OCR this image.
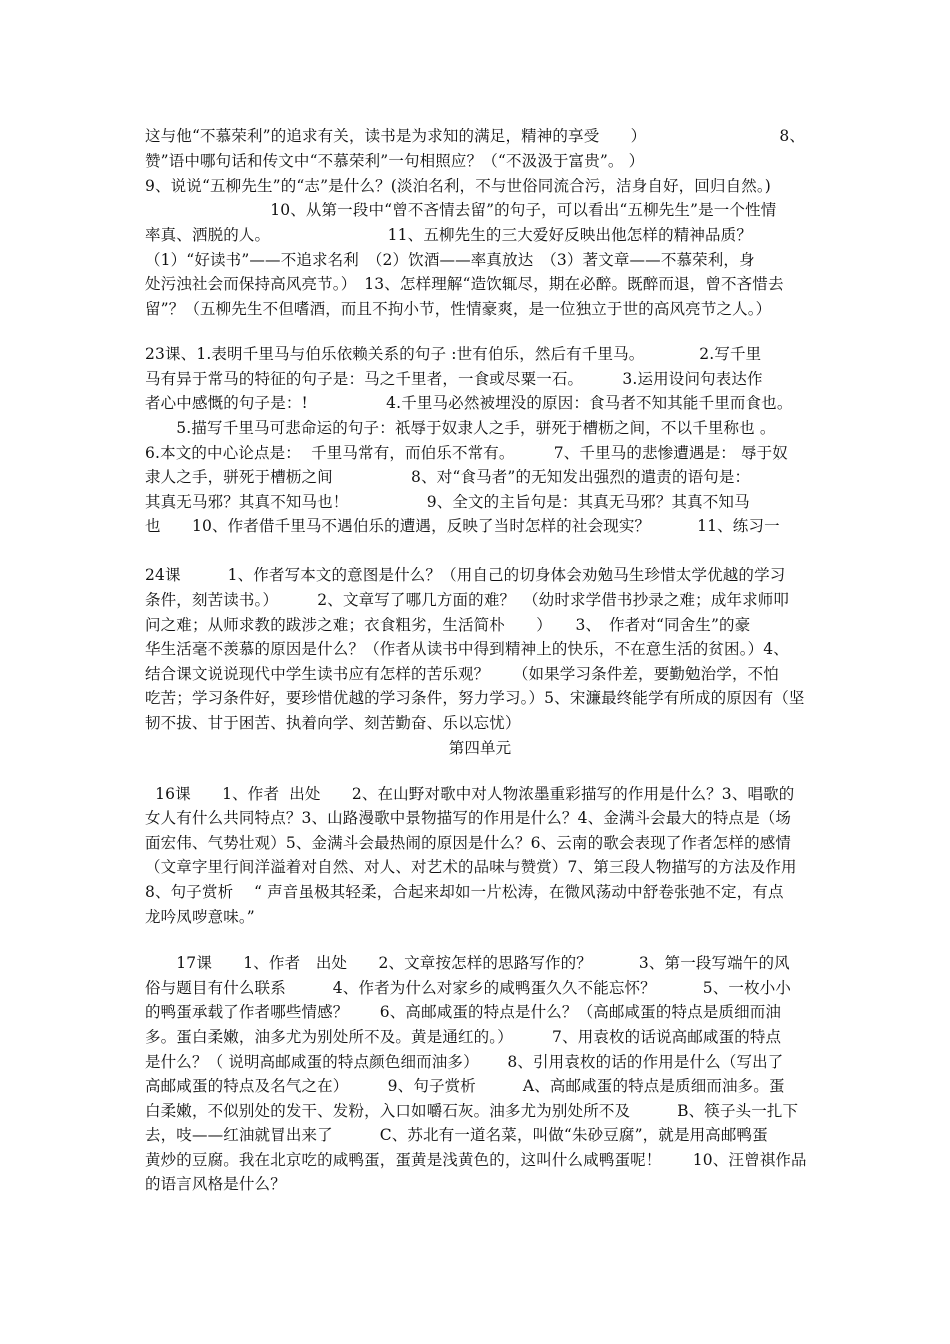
这与他“不慕荣利”的追求有关，读书是为求知的满足，精神的享受　　）　　　　　　　　　8、
赞”语中哪句话和传文中“不慕荣利”一句相照应？（“不汲汲于富贵”。 ）
9、说说“五柳先生”的“志”是什么？(淡泊名利，不与世俗同流合污，洁身自好，回归自然。)
　　　　　　　　10、从第一段中“曾不吝情去留”的句子，可以看出“五柳先生”是一个性情
率真、洒脱的人。　　　　　　　　11、五柳先生的三大爱好反映出他怎样的精神品质？
（1）“好读书”——不追求名利　（2）饮酒——率真放达　（3）著文章——不慕荣利，身
处污浊社会而保持高风亮节。）　13、怎样理解“造饮辄尽，期在必醉。既醉而退，曾不吝惜去
留”？（五柳先生不但嗜酒，而且不拘小节，性情豪爽，是一位独立于世的高风亮节之人。）
23课、1.表明千里马与伯乐依赖关系的句子 :世有伯乐，然后有千里马。　　　　2.写千里
马有异于常马的特征的句子是：马之千里者，一食或尽粟一石。　　　3.运用设问句表达作
者心中感慨的句子是：!　　　　　4.千里马必然被埋没的原因：食马者不知其能千里而食也。
　　5.描写千里马可悲命运的句子：祇辱于奴隶人之手，骈死于槽枥之间，不以千里称也 。
6.本文的中心论点是：  千里马常有，而伯乐不常有。　　　7、千里马的悲惨遭遇是： 辱于奴
隶人之手，骈死于槽枥之间　　　　　8、对“食马者”的无知发出强烈的遣责的语句是：
其真无马邪？其真不知马也！　　　　　9、全文的主旨句是：其真无马邪？其真不知马
也　　10、作者借千里马不遇伯乐的遭遇，反映了当时怎样的社会现实？　　　11、练习一
24课　　　1、作者写本文的意图是什么？（用自己的切身体会劝勉马生珍惜太学优越的学习
条件，刻苦读书。）　　　2、文章写了哪几方面的难？　（幼时求学借书抄录之难；成年求师叩
问之难；从师求教的跋涉之难；衣食粗劣，生活简朴　　）　　3、　作者对“同舍生”的豪
华生活毫不羡慕的原因是什么？（作者从读书中得到精神上的快乐，不在意生活的贫困。）4、
结合课文说说现代中学生读书应有怎样的苦乐观？　　（如果学习条件差，要勤勉治学，不怕
吃苦；学习条件好，要珍惜优越的学习条件，努力学习。）5、宋濂最终能学有所成的原因有（坚
韧不拔、甘于困苦、执着向学、刻苦勤奋、乐以忘忧）
第四单元
16课　　1、作者  出处　　2、在山野对歌中对人物浓墨重彩描写的作用是什么？3、唱歌的
女人有什么共同特点？3、山路漫歌中景物描写的作用是什么？4、金满斗会最大的特点是（场
面宏伟、气势壮观）5、金满斗会最热闹的原因是什么？6、云南的歌会表现了作者怎样的感情
（文章字里行间洋溢着对自然、对人、对艺术的品味与赞赏）7、第三段人物描写的方法及作用
8、句子赏析　 “ 声音虽极其轻柔，合起来却如一片松涛，在微风荡动中舒卷张弛不定，有点
龙吟凤哕意味。”
　　17课　　1、作者　出处　　2、文章按怎样的思路写作的？　　　3、第一段写端午的风
俗与题目有什么联系　　　4、作者为什么对家乡的咸鸭蛋久久不能忘怀？　　　5、一枚小小
的鸭蛋承载了作者哪些情感？　　6、高邮咸蛋的特点是什么？（高邮咸蛋的特点是质细而油
多。蛋白柔嫩，油多尤为别处所不及。黄是通红的。）　　　7、用袁枚的话说高邮咸蛋的特点
是什么？（ 说明高邮咸蛋的特点颜色细而油多）　　 8、引用袁枚的话的作用是什么（写出了
高邮咸蛋的特点及名气之在）　　　9、句子赏析　　　A、高邮咸蛋的特点是质细而油多。蛋
白柔嫩，不似别处的发干、发粉，入口如嚼石灰。油多尤为别处所不及　　　B、筷子头一扎下
去，吱——红油就冒出来了　　　C、苏北有一道名菜，叫做“朱砂豆腐”，就是用高邮鸭蛋
黄炒的豆腐。我在北京吃的咸鸭蛋，蛋黄是浅黄色的，这叫什么咸鸭蛋呢！　　10、汪曾祺作品
的语言风格是什么？
